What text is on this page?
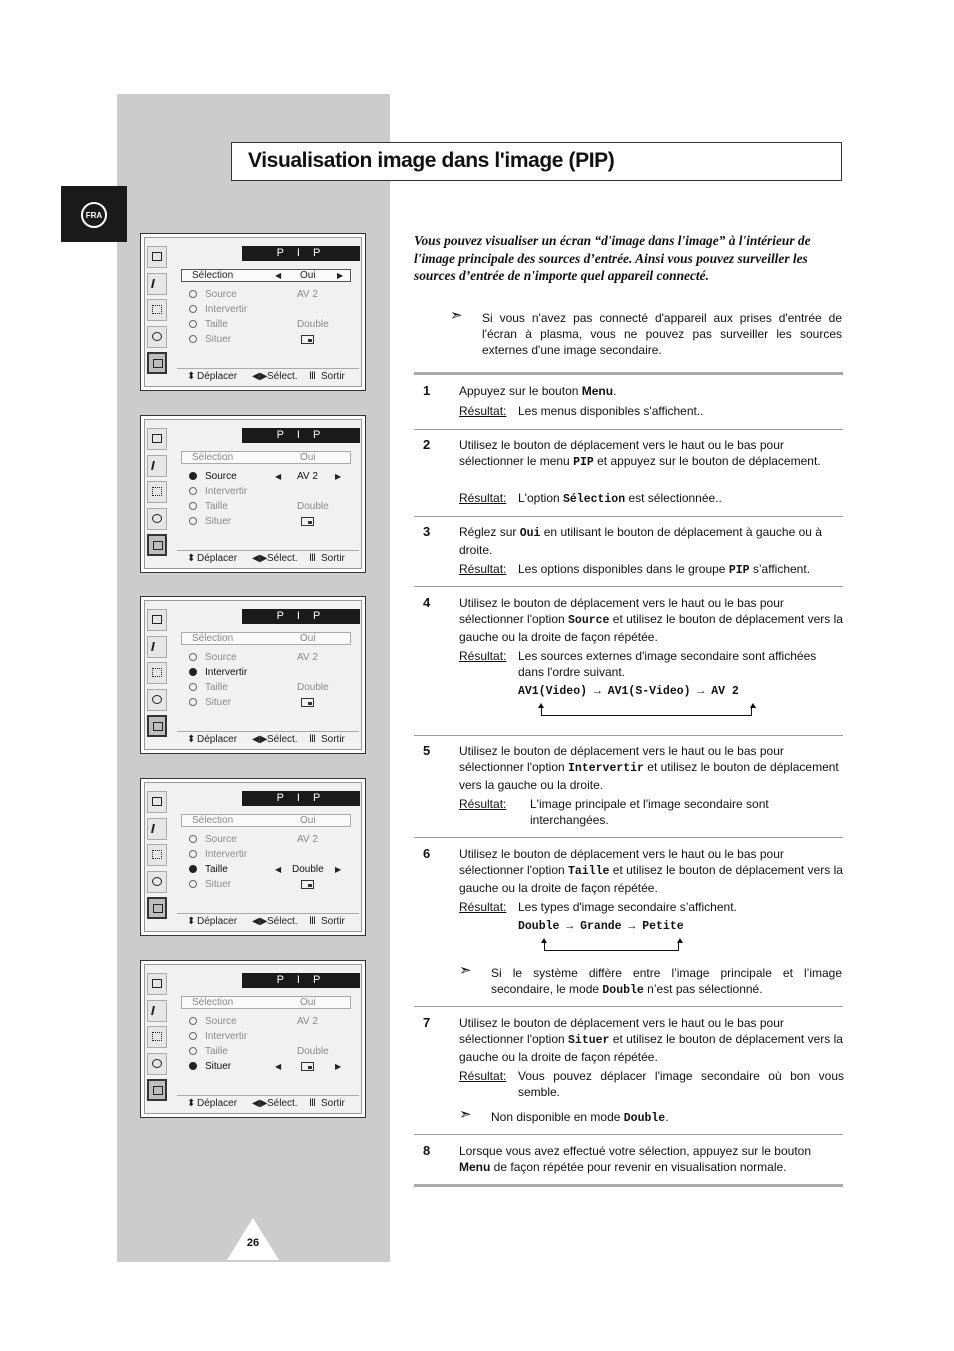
FRA
Visualisation image dans l'image (PIP)
P I P
Sélection	◀ Oui	▶
Source	AV 2
Intervertir
Taille	Double
Situer
⬍ Déplacer ◀▶ Sélect. Ⅲ Sortir
P I P
Sélection	Oui
Source	◀ AV 2 ▶
Intervertir
Taille	Double
Situer
⬍ Déplacer ◀▶ Sélect. Ⅲ Sortir
P I P
Sélection	Oui
Source	AV 2
Intervertir
Taille	Double
Situer
⬍ Déplacer ◀▶ Sélect. Ⅲ Sortir
P I P
Sélection	Oui
Source	AV 2
Intervertir
Taille	◀ Double ▶
Situer
⬍ Déplacer ◀▶ Sélect. Ⅲ Sortir
P I P
Sélection	Oui
Source	AV 2
Intervertir
Taille	Double
Situer	◀	▶
⬍ Déplacer ◀▶ Sélect. Ⅲ Sortir
Vous pouvez visualiser un écran “d'image dans l'image” à l'intérieur de l'image principale des sources d’entrée. Ainsi vous pouvez surveiller les sources d’entrée de n'importe quel appareil connecté.
➣ Si vous n'avez pas connecté d'appareil aux prises d'entrée de l'écran à plasma, vous ne pouvez pas surveiller les sources externes d'une image secondaire.
1 Appuyez sur le bouton Menu.
Résultat: Les menus disponibles s'affichent..
2 Utilisez le bouton de déplacement vers le haut ou le bas pour sélectionner le menu PIP et appuyez sur le bouton de déplacement.
Résultat: L'option Sélection est sélectionnée..
3 Réglez sur Oui en utilisant le bouton de déplacement à gauche ou à droite.
Résultat: Les options disponibles dans le groupe PIP s’affichent.
4 Utilisez le bouton de déplacement vers le haut ou le bas pour sélectionner l'option Source et utilisez le bouton de déplacement vers la gauche ou la droite de façon répétée.
Résultat: Les sources externes d'image secondaire sont affichées dans l'ordre suivant.
AV1(Video) → AV1(S-Video) → AV 2
5 Utilisez le bouton de déplacement vers le haut ou le bas pour sélectionner l'option Intervertir et utilisez le bouton de déplacement vers la gauche ou la droite.
Résultat: L'image principale et l'image secondaire sont interchangées.
6 Utilisez le bouton de déplacement vers le haut ou le bas pour sélectionner l'option Taille et utilisez le bouton de déplacement vers la gauche ou la droite de façon répétée.
Résultat: Les types d'image secondaire s’affichent.
Double → Grande → Petite
➣ Si le système diffère entre l’image principale et l’image secondaire, le mode Double n’est pas sélectionné.
7 Utilisez le bouton de déplacement vers le haut ou le bas pour sélectionner l'option Situer et utilisez le bouton de déplacement vers la gauche ou la droite de façon répétée.
Résultat: Vous pouvez déplacer l'image secondaire où bon vous semble.
➣ Non disponible en mode Double.
8 Lorsque vous avez effectué votre sélection, appuyez sur le bouton Menu de façon répétée pour revenir en visualisation normale.
26
